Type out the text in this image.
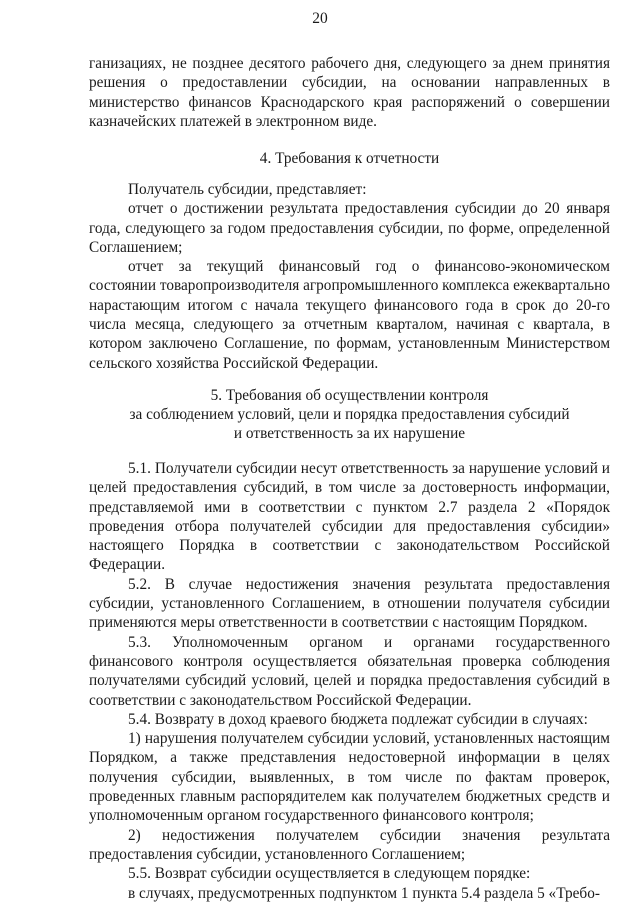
20

ганизациях, не позднее десятого рабочего дня, следующего за днем принятия решения о предоставлении субсидии, на основании направленных в министерство финансов Краснодарского края распоряжений о совершении казначейских платежей в электронном виде.

4. Требования к отчетности

Получатель субсидии, представляет:

отчет о достижении результата предоставления субсидии до 20 января года, следующего за годом предоставления субсидии, по форме, определенной Соглашением;

отчет за текущий финансовый год о финансово-экономическом состоянии товаропроизводителя агропромышленного комплекса ежеквартально нарастающим итогом с начала текущего финансового года в срок до 20-го числа месяца, следующего за отчетным кварталом, начиная с квартала, в котором заключено Соглашение, по формам, установленным Министерством сельского хозяйства Российской Федерации.

5. Требования об осуществлении контроля

за соблюдением условий, цели и порядка предоставления субсидий

и ответственность за их нарушение

5.1. Получатели субсидии несут ответственность за нарушение условий и целей предоставления субсидий, в том числе за достоверность информации, представляемой ими в соответствии с пунктом 2.7 раздела 2 «Порядок проведения отбора получателей субсидии для предоставления субсидии» настоящего Порядка в соответствии с законодательством Российской Федерации.

5.2. В случае недостижения значения результата предоставления субсидии, установленного Соглашением, в отношении получателя субсидии применяются меры ответственности в соответствии с настоящим Порядком.

5.3. Уполномоченным органом и органами государственного финансового контроля осуществляется обязательная проверка соблюдения получателями субсидий условий, целей и порядка предоставления субсидий в соответствии с законодательством Российской Федерации.

5.4. Возврату в доход краевого бюджета подлежат субсидии в случаях:

1) нарушения получателем субсидии условий, установленных настоящим Порядком, а также представления недостоверной информации в целях получения субсидии, выявленных, в том числе по фактам проверок, проведенных главным распорядителем как получателем бюджетных средств и уполномоченным органом государственного финансового контроля;

2) недостижения получателем субсидии значения результата предоставления субсидии, установленного Соглашением;

5.5. Возврат субсидии осуществляется в следующем порядке:

в случаях, предусмотренных подпунктом 1 пункта 5.4 раздела 5 «Требо-
